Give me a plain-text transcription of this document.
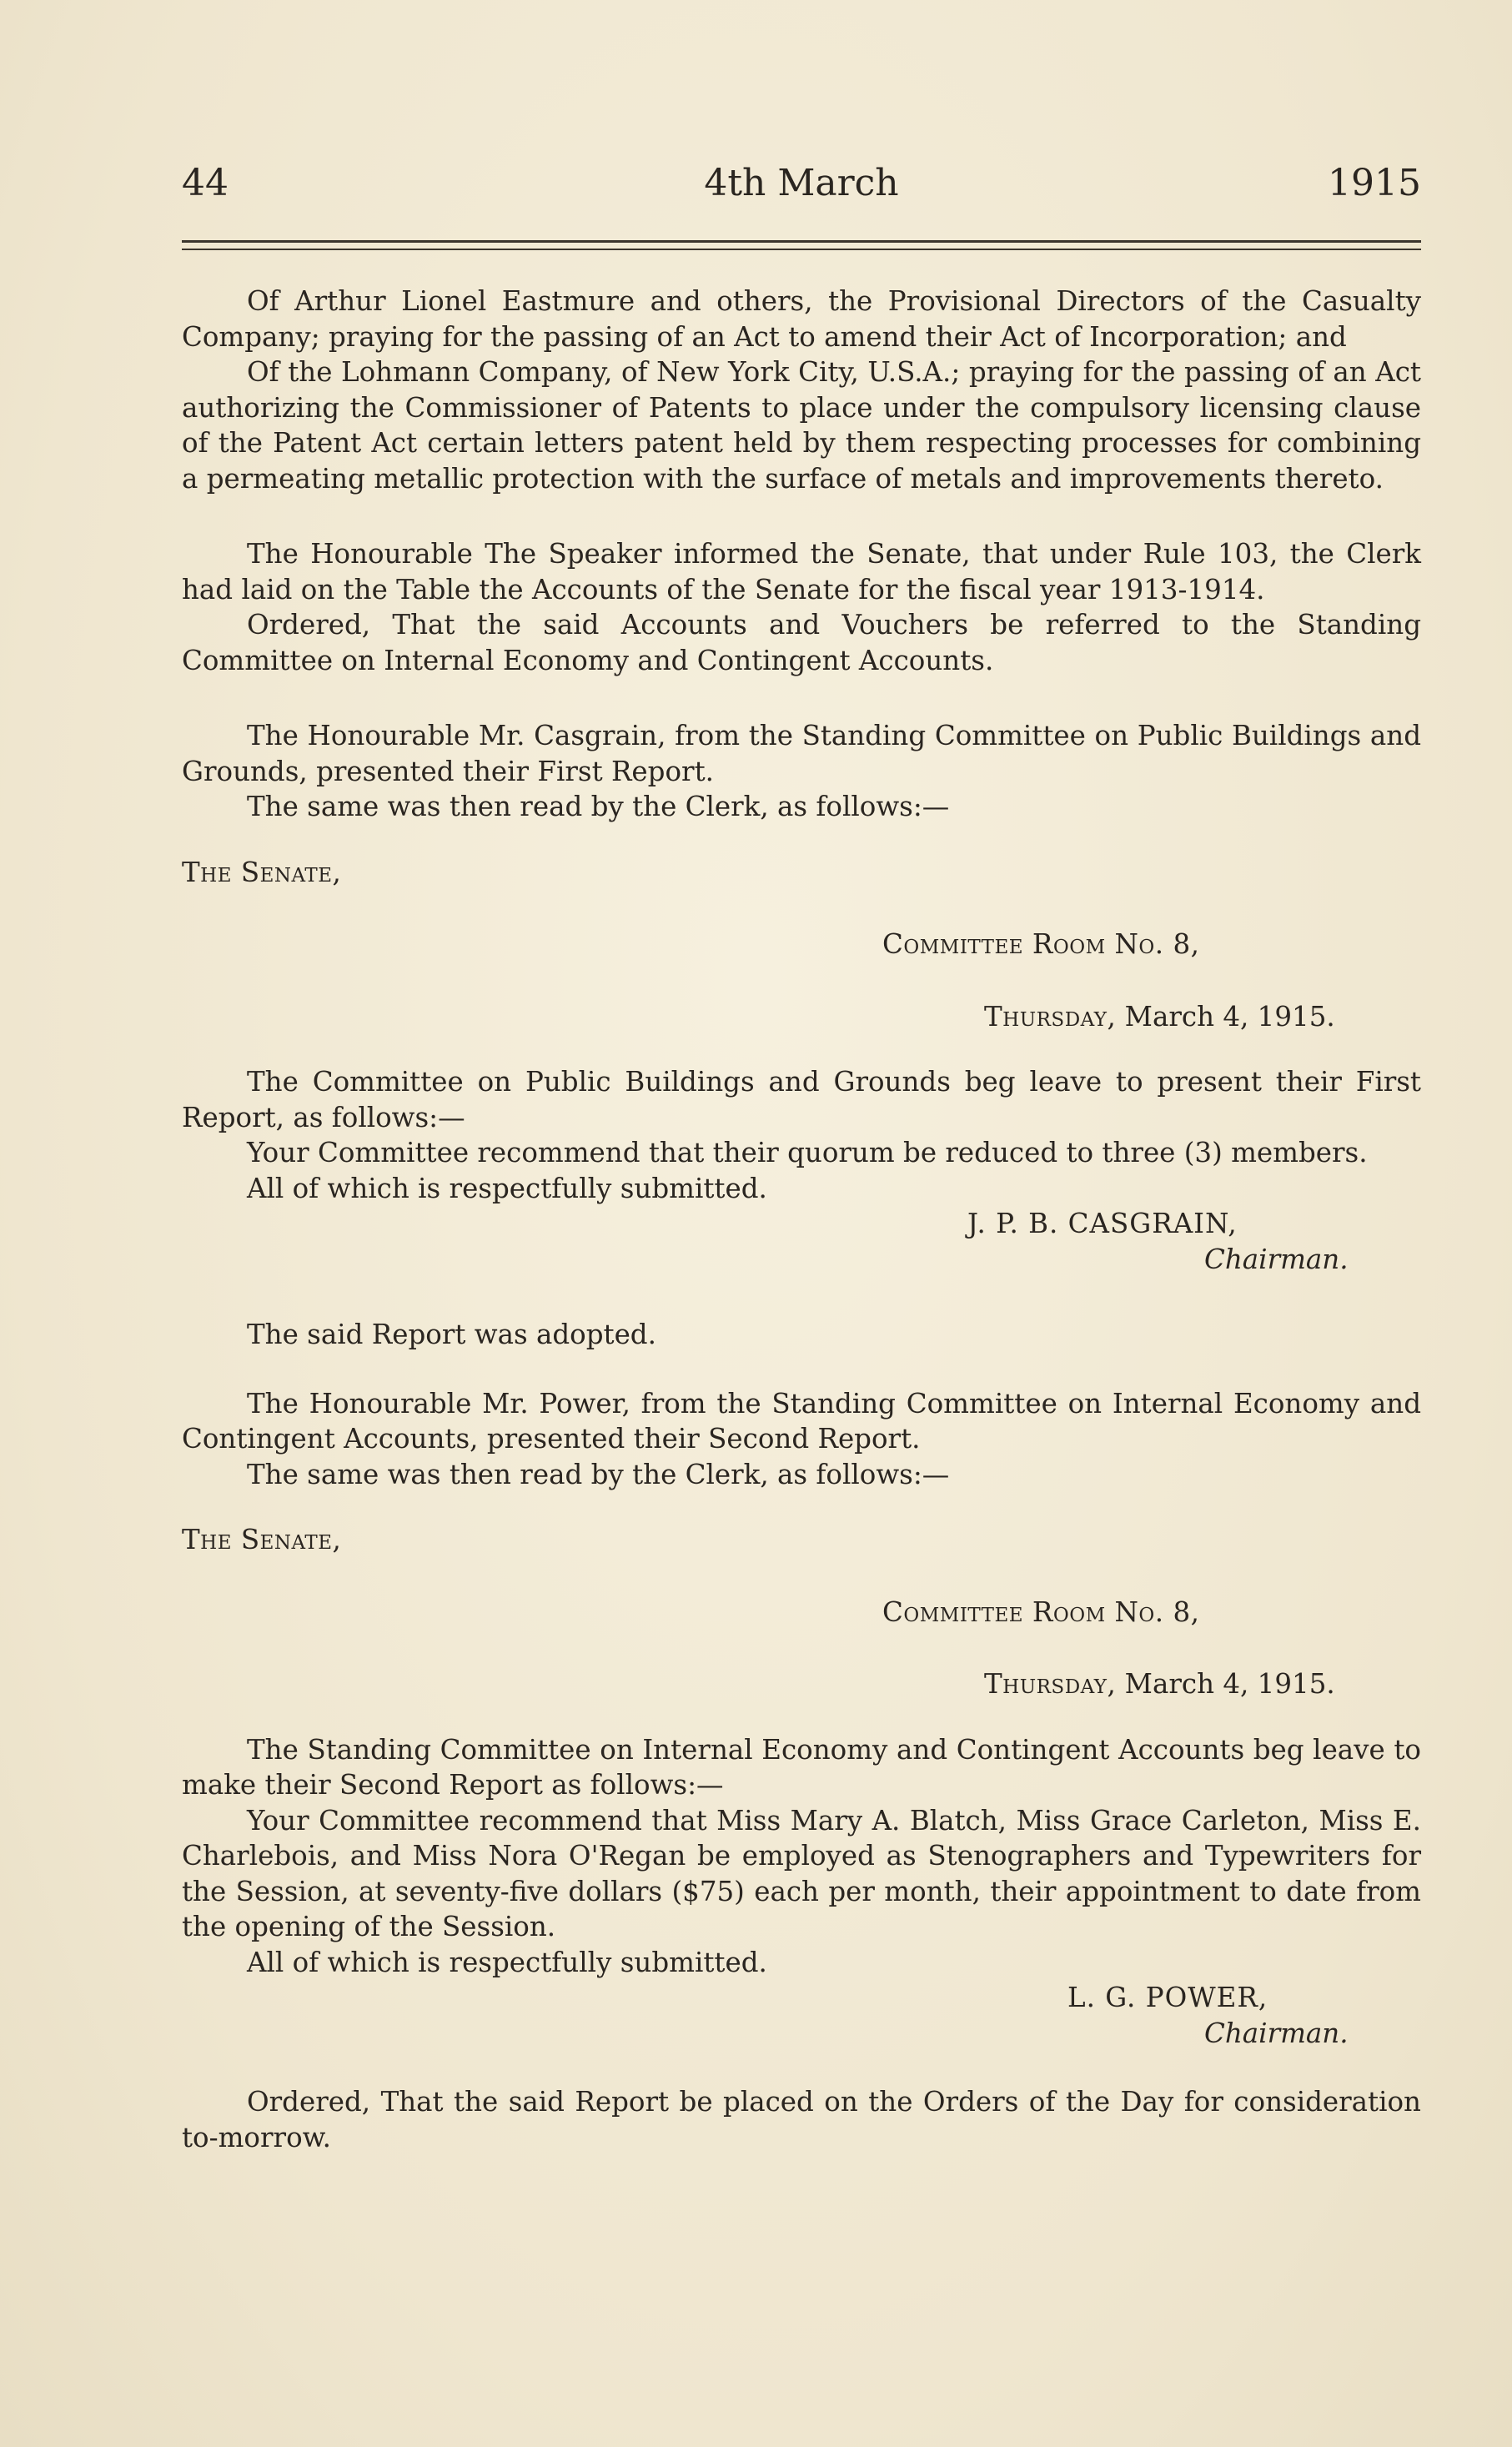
44	4th March	1915

Of Arthur Lionel Eastmure and others, the Provisional Directors of the Casualty Company; praying for the passing of an Act to amend their Act of Incorporation; and

Of the Lohmann Company, of New York City, U.S.A.; praying for the passing of an Act authorizing the Commissioner of Patents to place under the compulsory licensing clause of the Patent Act certain letters patent held by them respecting processes for combining a permeating metallic protection with the surface of metals and improvements thereto.

The Honourable The Speaker informed the Senate, that under Rule 103, the Clerk had laid on the Table the Accounts of the Senate for the fiscal year 1913-1914.

Ordered, That the said Accounts and Vouchers be referred to the Standing Committee on Internal Economy and Contingent Accounts.

The Honourable Mr. Casgrain, from the Standing Committee on Public Buildings and Grounds, presented their First Report.

The same was then read by the Clerk, as follows:—

The Senate,

Committee Room No. 8,

Thursday, March 4, 1915.

The Committee on Public Buildings and Grounds beg leave to present their First Report, as follows:—

Your Committee recommend that their quorum be reduced to three (3) members.

All of which is respectfully submitted.

J. P. B. CASGRAIN,

Chairman.

The said Report was adopted.

The Honourable Mr. Power, from the Standing Committee on Internal Economy and Contingent Accounts, presented their Second Report.

The same was then read by the Clerk, as follows:—

The Senate,

Committee Room No. 8,

Thursday, March 4, 1915.

The Standing Committee on Internal Economy and Contingent Accounts beg leave to make their Second Report as follows:—

Your Committee recommend that Miss Mary A. Blatch, Miss Grace Carleton, Miss E. Charlebois, and Miss Nora O'Regan be employed as Stenographers and Typewriters for the Session, at seventy-five dollars ($75) each per month, their appointment to date from the opening of the Session.

All of which is respectfully submitted.

L. G. POWER,

Chairman.

Ordered, That the said Report be placed on the Orders of the Day for consideration to-morrow.
